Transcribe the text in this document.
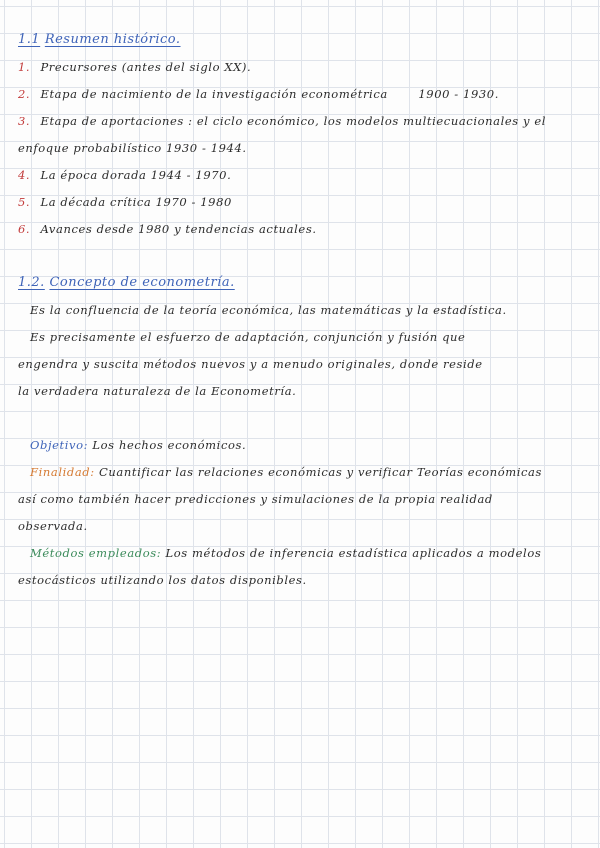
1.1 Resumen histórico.
1. Precursores (antes del siglo XX).
2. Etapa de nacimiento de la investigación econométrica	1900 - 1930.
3. Etapa de aportaciones : el ciclo económico, los modelos multiecuacionales y el
enfoque probabilístico 1930 - 1944.
4. La época dorada 1944 - 1970.
5. La década crítica 1970 - 1980
6. Avances desde 1980 y tendencias actuales.
1.2. Concepto de econometría.
Es la confluencia de la teoría económica, las matemáticas y la estadística.
Es precisamente el esfuerzo de adaptación, conjunción y fusión que
engendra y suscita métodos nuevos y a menudo originales, donde reside
la verdadera naturaleza de la Econometría.
Objetivo: Los hechos económicos.
Finalidad: Cuantificar las relaciones económicas y verificar Teorías económicas
así como también hacer predicciones y simulaciones de la propia realidad
observada.
Métodos empleados: Los métodos de inferencia estadística aplicados a modelos
estocásticos utilizando los datos disponibles.
